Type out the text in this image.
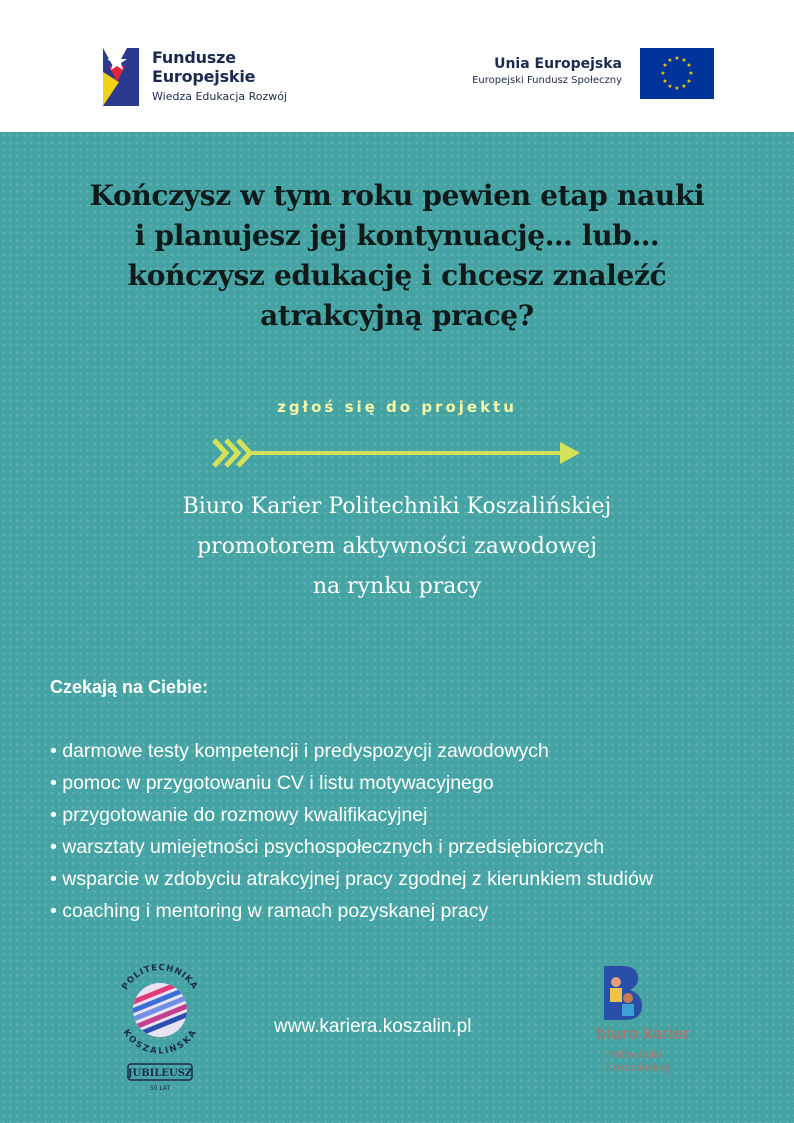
Fundusze
Europejskie
Wiedza Edukacja Rozwój
Unia Europejska
Europejski Fundusz Społeczny
★ ★
★
★
★
★
★
★
★
★
★
★
Kończysz w tym roku pewien etap nauki
i planujesz jej kontynuację… lub…
kończysz edukację i chcesz znaleźć
atrakcyjną pracę?
zgłoś się do projektu
Biuro Karier Politechniki Koszalińskiej
promotorem aktywności zawodowej
na rynku pracy
Czekają na Ciebie:
• darmowe testy kompetencji i predyspozycji zawodowych
• pomoc w przygotowaniu CV i listu motywacyjnego
• przygotowanie do rozmowy kwalifikacyjnej
• warsztaty umiejętności psychospołecznych i przedsiębiorczych
• wsparcie w zdobyciu atrakcyjnej pracy zgodnej z kierunkiem studiów
• coaching i mentoring w ramach pozyskanej pracy
POLITECHNIKA
KOSZALIŃSKA
JUBILEUSZ
50 LAT
www.kariera.koszalin.pl	biuro karier
Politechniki
Koszalińskiej
